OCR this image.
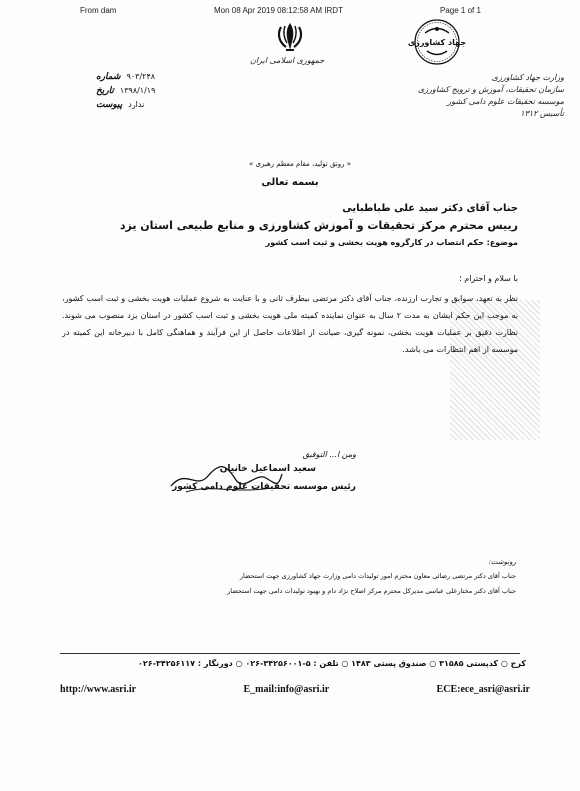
From dam	Mon 08 Apr 2019 08:12:58 AM IRDT	Page 1 of 1
جمهوری اسلامی ایران
جهاد کشاورزی
وزارت جهاد کشاورزی
سازمان تحقیقات، آموزش و ترویج کشاورزی
موسسه تحقیقات علوم دامی کشور
تأسیس ۱۳۱۲
شماره ۹۰۳/۲۴۸
تاریخ ۱۳۹۸/۱/۱۹
پیوست ندارد
« رونق تولید، مقام معظم رهبری »
بسمه تعالی
جناب آقای دکتر سید علی طباطبایی
رییس محترم مرکز تحقیقات و آموزش کشاورزی و منابع طبیعی استان یزد
موضوع: حکم انتصاب در کارگروه هویت بخشی و ثبت اسب کشور
با سلام و احترام ؛
نظر به تعهد، سوابق و تجارب ارزنده، جناب آقای دکتر مرتضی بیطرف ثانی و با عنایت به شروع عملیات هویت بخشی و ثبت اسب کشور، به موجب این حکم ایشان به مدت ۲ سال به عنوان نماینده کمیته ملی هویت بخشی و ثبت اسب کشور در استان یزد منصوب می شوند. نظارت دقیق بر عملیات هویت بخشی، نمونه گیری، صیانت از اطلاعات حاصل از این فرآیند و هماهنگی کامل با دبیرخانه این کمیته در موسسه از اهم انتظارات می باشد.
ومن ا... التوفیق
سعید اسماعیل خانیان
رئیس موسسه تحقیقات علوم دامی کشور
رونوشت:
جناب آقای دکتر مرتضی رضائی معاون محترم امور تولیدات دامی وزارت جهاد کشاورزی جهت استحضار
جناب آقای دکتر مختارعلی عباسی مدیرکل محترم مرکز اصلاح نژاد دام و بهبود تولیدات دامی جهت استحضار
کرج ○ کدپستی ۳۱۵۸۵ ○ صندوق پستی ۱۴۸۳ ○ تلفن : ۵-۳۴۲۵۶۰۰۱-۰۲۶ ○ دورنگار : ۳۴۲۵۶۱۱۷-۰۲۶
http://www.asri.ir	E_mail:info@asri.ir	ECE:ece_asri@asri.ir
